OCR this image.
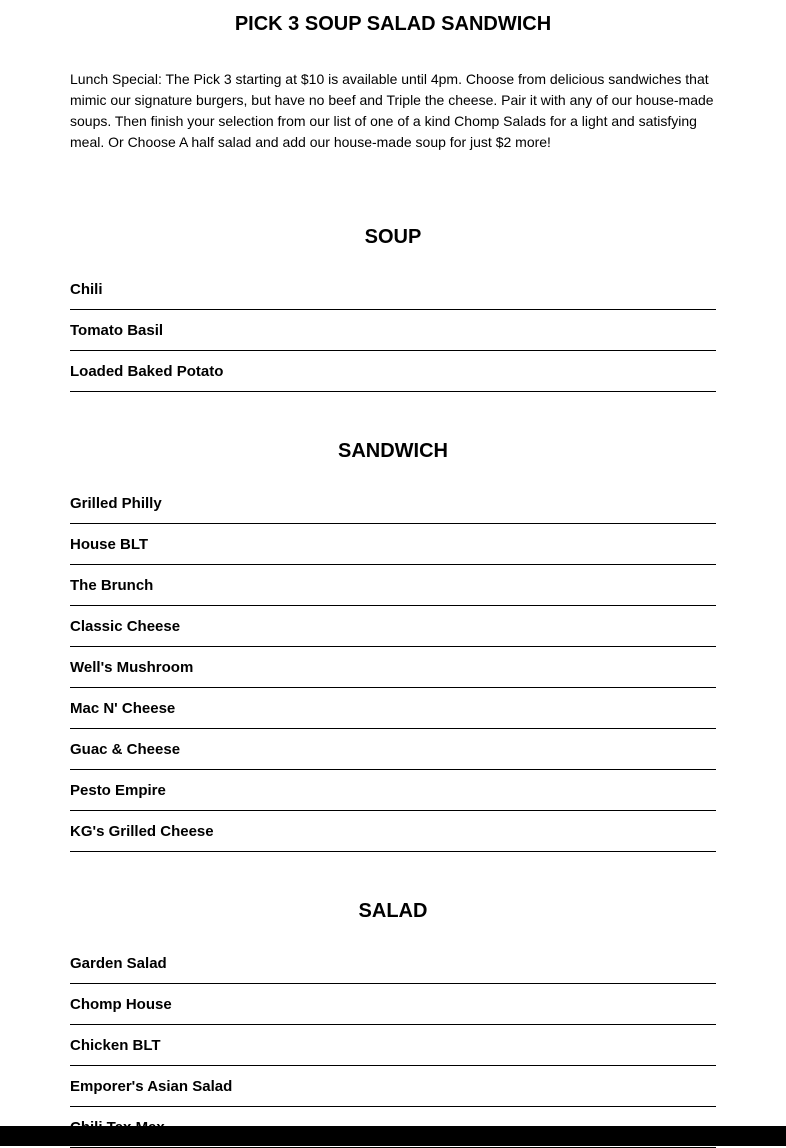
PICK 3 SOUP SALAD SANDWICH

Lunch Special: The Pick 3 starting at $10 is available until 4pm. Choose from delicious sandwiches that mimic our signature burgers, but have no beef and Triple the cheese. Pair it with any of our house-made soups. Then finish your selection from our list of one of a kind Chomp Salads for a light and satisfying meal. Or Choose A half salad and add our house-made soup for just $2 more!

SOUP
Chili
Tomato Basil
Loaded Baked Potato
SANDWICH
Grilled Philly
House BLT
The Brunch
Classic Cheese
Well's Mushroom
Mac N' Cheese
Guac & Cheese
Pesto Empire
KG's Grilled Cheese
SALAD
Garden Salad
Chomp House
Chicken BLT
Emporer's Asian Salad
